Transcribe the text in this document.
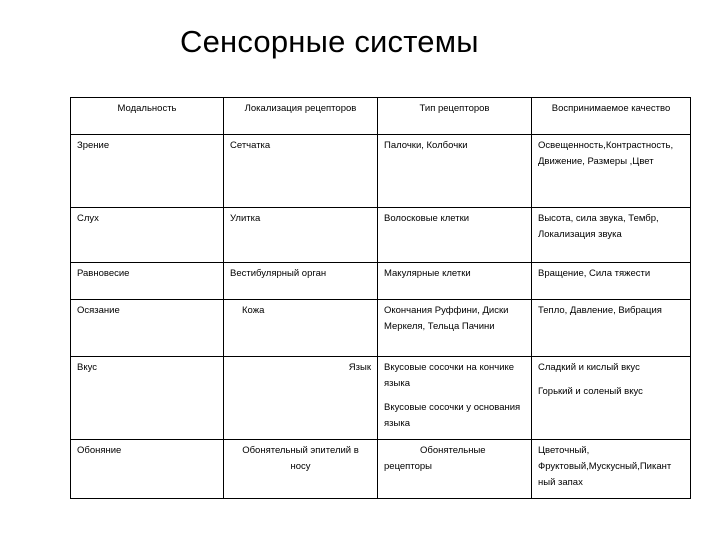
Сенсорные системы
Модальность	Локализация рецепторов	Тип рецепторов	Воспринимаемое качество
Зрение	Сетчатка	Палочки, Колбочки	Освещенность,Контрастность,
Движение, Размеры ,Цвет

Слух	Улитка	Волосковые клетки	Высота, сила звука, Тембр,
Локализация звука

Равновесие	Вестибулярный орган	Макулярные клетки	Вращение, Сила тяжести

Осязание	Кожа	Окончания Руффини, Диски
Меркеля, Тельца Пачини	Тепло, Давление, Вибрация

Вкус	Язык	Вкусовые сосочки на кончике
языка
Вкусовые сосочки у основания
языка	Сладкий и кислый вкус
Горький и соленый вкус

Обоняние	Обонятельный эпителий в
носу	Обонятельные
рецепторы	Цветочный,
Фруктовый,Мускусный,Пикант
ный запах
